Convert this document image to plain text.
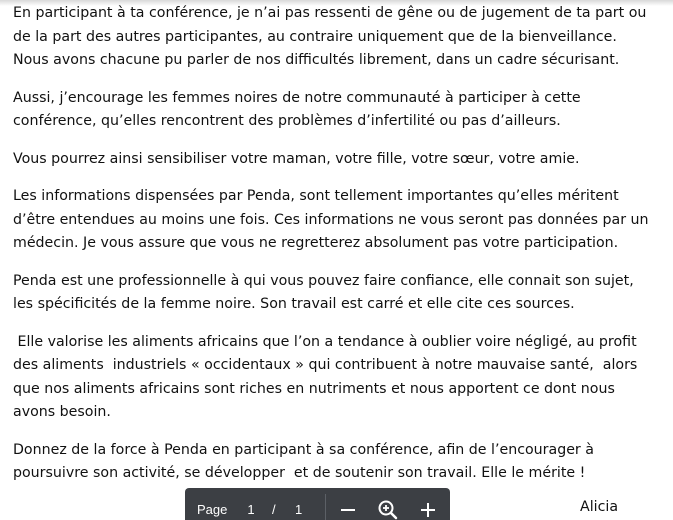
En participant à ta conférence, je n’ai pas ressenti de gêne ou de jugement de ta part ou
de la part des autres participantes, au contraire uniquement que de la bienveillance.
Nous avons chacune pu parler de nos difficultés librement, dans un cadre sécurisant.

Aussi, j’encourage les femmes noires de notre communauté à participer à cette
conférence, qu’elles rencontrent des problèmes d’infertilité ou pas d’ailleurs.

Vous pourrez ainsi sensibiliser votre maman, votre fille, votre sœur, votre amie.

Les informations dispensées par Penda, sont tellement importantes qu’elles méritent
d’être entendues au moins une fois. Ces informations ne vous seront pas données par un
médecin. Je vous assure que vous ne regretterez absolument pas votre participation.

Penda est une professionnelle à qui vous pouvez faire confiance, elle connait son sujet,
les spécificités de la femme noire. Son travail est carré et elle cite ces sources.

Elle valorise les aliments africains que l’on a tendance à oublier voire négligé, au profit
des aliments  industriels « occidentaux » qui contribuent à notre mauvaise santé,  alors
que nos aliments africains sont riches en nutriments et nous apportent ce dont nous
avons besoin.

Donnez de la force à Penda en participant à sa conférence, afin de l’encourager à
poursuivre son activité, se développer  et de soutenir son travail. Elle le mérite !

Alicia
Page 1 / 1
